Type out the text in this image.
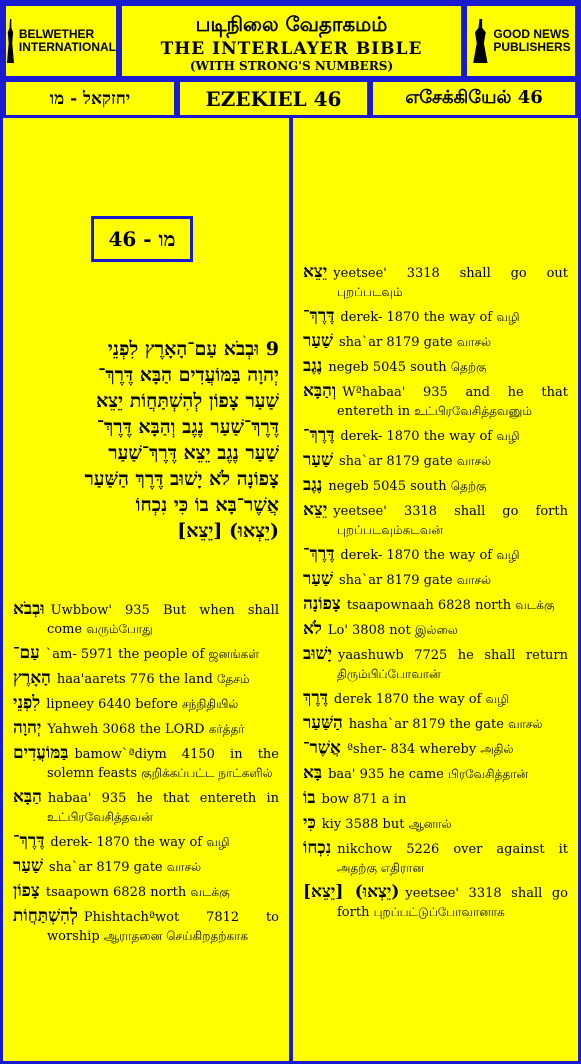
BELWETHER
INTERNATIONAL
படிநிலை வேதாகமம்
THE INTERLAYER BIBLE
(WITH STRONG'S NUMBERS)
GOOD NEWS
PUBLISHERS
יחזקאל - מו	EZEKIEL 46	எசேக்கியேல் 46
מו - 46
9 וּבְבֹא עַם־הָאָרֶץ לִפְנֵי
יְהוָה בַּמּוֹעֲדִים הַבָּא דֶּרֶךְ־
שַׁעַר צָפוֹן לְהִשְׁתַּחֲוֹת יֵצֵא
דֶּרֶךְ־שַׁעַר נֶגֶב וְהַבָּא דֶּרֶךְ־
שַׁעַר נֶגֶב יֵצֵא דֶּרֶךְ־שַׁעַר
צָפוֹנָה לֹא יָשׁוּב דֶּרֶךְ הַשַּׁעַר
אֲשֶׁר־בָּא בוֹ כִּי נִכְחוֹ
(יֵצְאוּ) [יֵצֵא]
וּבְבֹא Uwbbow' 935 But when shall come வரும்போது
עַם־ `am- 5971 the people of ஜனங்கள்
הָאָרֶץ haa'aarets 776 the land தேசம்
לִפְנֵי lipneey 6440 before சந்நிதியில்
יְהוָה Yahweh 3068 the LORD கர்த்தர்
בַּמּוֹעֲדִים bamow`ªdiym 4150 in the solemn feasts குறிக்கப்பட்ட நாட்களில்
הַבָּא habaa' 935 he that entereth in உட்பிரவேசித்தவன்
דֶּרֶךְ־ derek- 1870 the way of வழி
שַׁעַר sha`ar 8179 gate வாசல்
צָפוֹן tsaapown 6828 north வடக்கு
לְהִשְׁתַּחֲוֹת Phishtachªwot 7812 to worship ஆராதனை செய்கிறதற்காக
יֵצֵא yeetsee' 3318 shall go out புறப்படவும்
דֶּרֶךְ־ derek- 1870 the way of வழி
שַׁעַר sha`ar 8179 gate வாசல்
נֶגֶב negeb 5045 south தெற்கு
וְהַבָּא Wªhabaa' 935 and he that entereth in உட்பிரவேசித்தவனும்
דֶּרֶךְ־ derek- 1870 the way of வழி
שַׁעַר sha`ar 8179 gate வாசல்
נֶגֶב negeb 5045 south தெற்கு
יֵצֵא yeetsee' 3318 shall go forth புறப்படவும்கடவன்
דֶּרֶךְ־ derek- 1870 the way of வழி
שַׁעַר sha`ar 8179 gate வாசல்
צָפוֹנָה tsaapownaah 6828 north வடக்கு
לֹא Lo' 3808 not இல்லை
יָשׁוּב yaashuwb 7725 he shall return திரும்பிப்போவான்
דֶּרֶךְ derek 1870 the way of வழி
הַשַּׁעַר hasha`ar 8179 the gate வாசல்
אֲשֶׁר־ ªsher- 834 whereby அதில்
בָּא baa' 935 he came பிரவேசித்தான்
בוֹ bow 871 a in
כִּי kiy 3588 but ஆனால்
נִכְחוֹ nikchow 5226 over against it அதற்கு எதிரான
(יֵצְאוּ) [יֵצֵא] yeetsee' 3318 shall go forth புறப்பட்டுப்போவானாக
